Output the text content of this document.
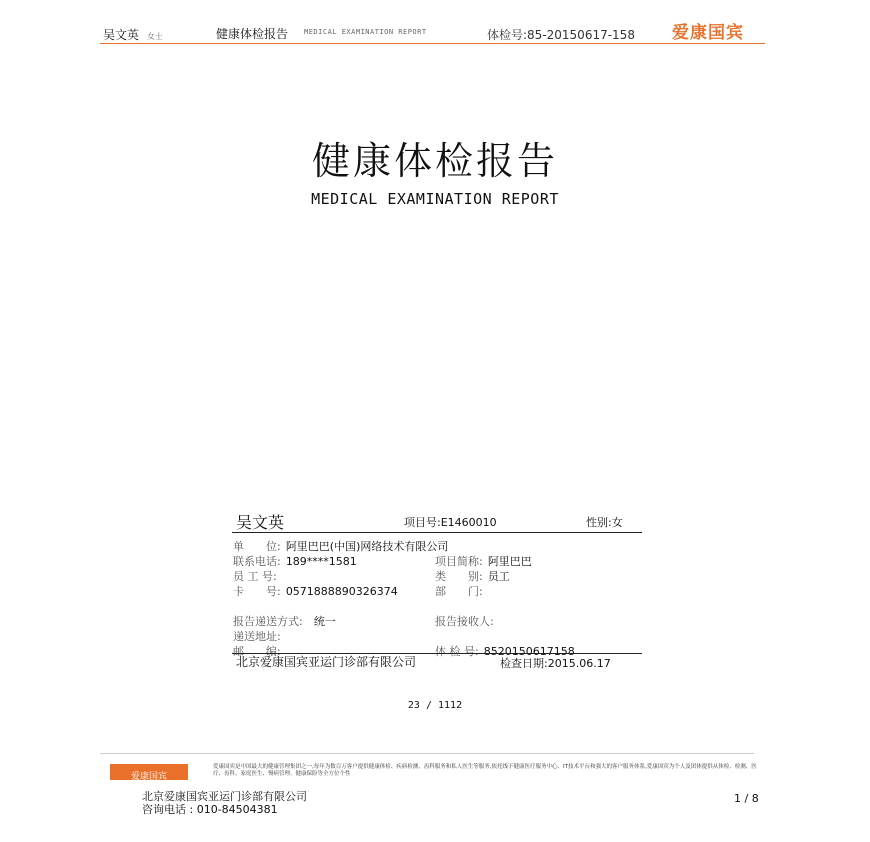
吴文英 女士	健康体检报告 MEDICAL EXAMINATION REPORT	体检号:85-20150617-158 爱康国宾
健康体检报告
MEDICAL EXAMINATION REPORT
吴文英	项目号:E1460010	性别:女
单　　位: 阿里巴巴(中国)网络技术有限公司
联系电话: 189****1581	项目简称: 阿里巴巴
员 工 号:	类　　别: 员工
卡　　号: 0571888890326374	部　　门:
报告递送方式: 统一	报告接收人:
递送地址:
邮　　编:	体 检 号: 8520150617158
北京爱康国宾亚运门诊部有限公司	检查日期:2015.06.17
23 / 1112
爱康国宾
爱康国宾是中国最大的健康管理集团之一,每年为数百万客户提供健康体检、疾病检测、齿科服务和私人医生等服务,依托线下健康医疗服务中心、IT技术平台和强大的客户服务体系,爱康国宾为个人及团体提供从体检、检测、医疗、齿科、家庭医生、慢病管理、健康保险等全方位个性
北京爱康国宾亚运门诊部有限公司
咨询电话 : 010-84504381
1 / 8
